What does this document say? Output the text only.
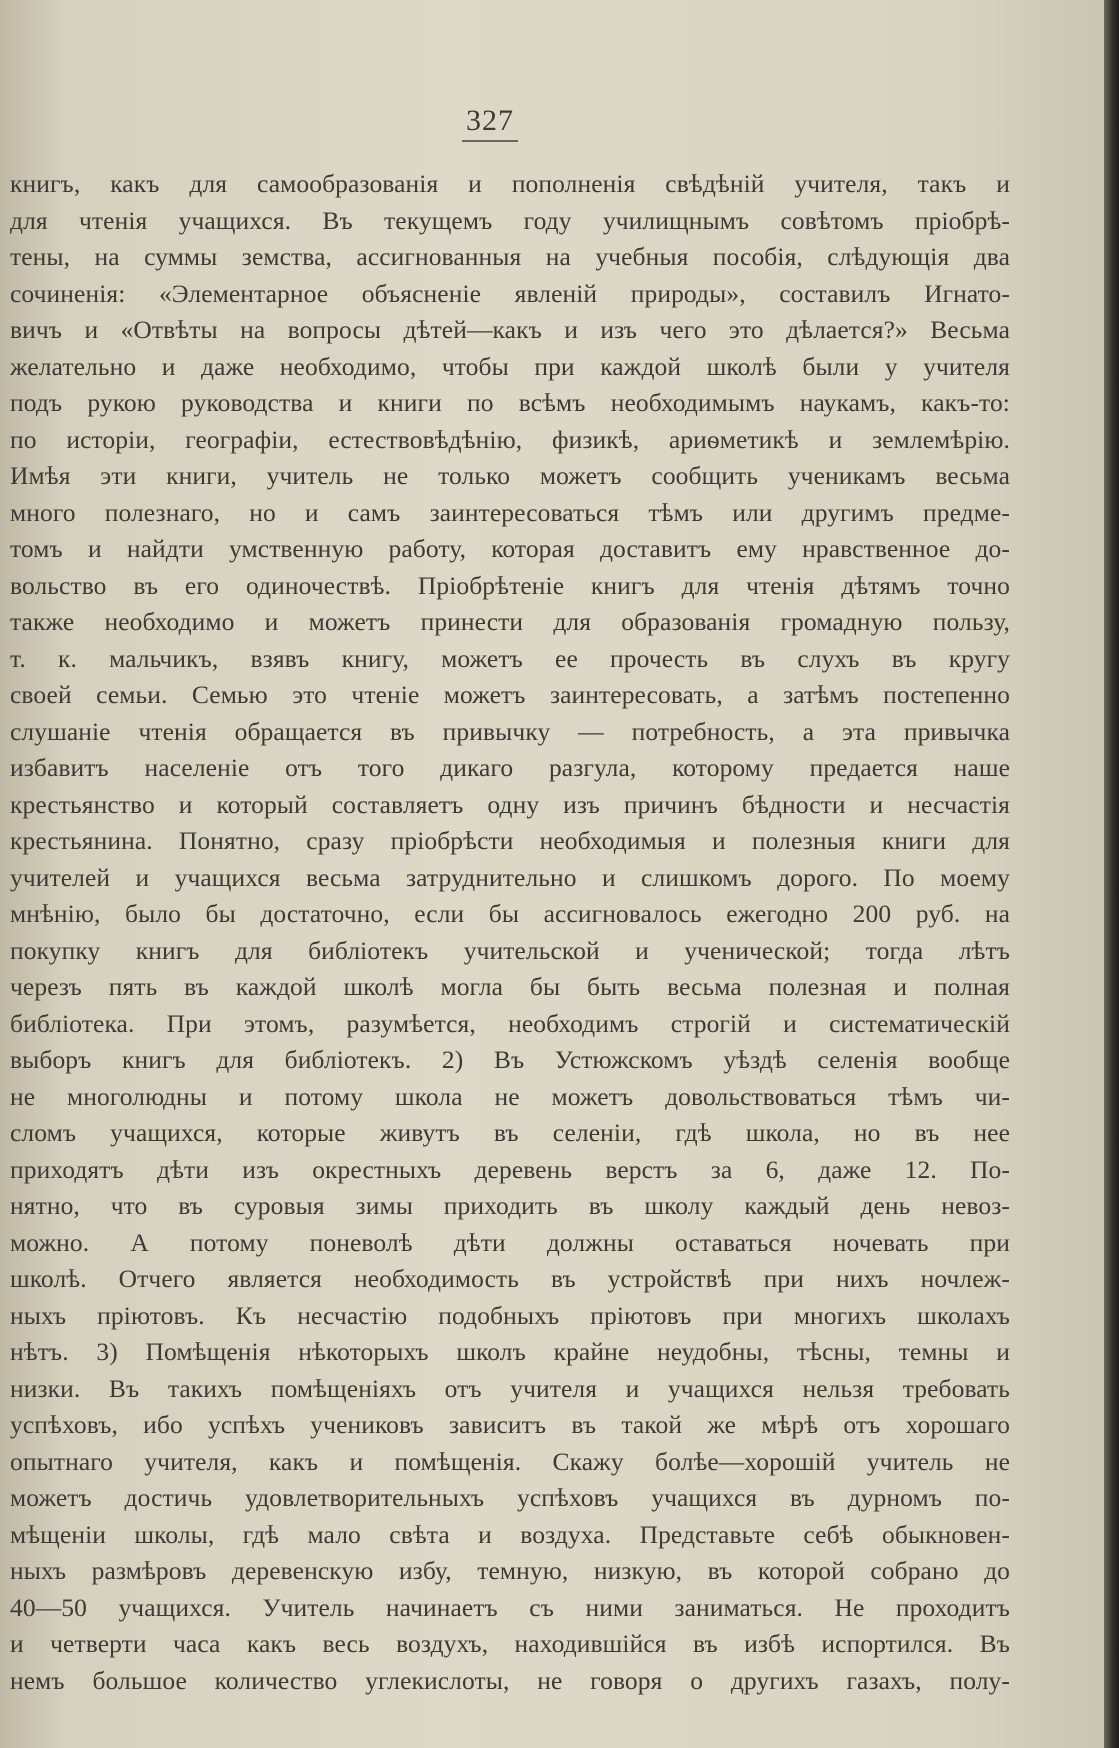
327
книгъ, какъ для самообразованія и пополненія свѣдѣній учителя, такъ и
для чтенія учащихся. Въ текущемъ году училищнымъ совѣтомъ пріобрѣ-
тены, на суммы земства, ассигнованныя на учебныя пособія, слѣдующія два
сочиненія: «Элементарное объясненіе явленій природы», составилъ Игнато-
вичъ и «Отвѣты на вопросы дѣтей—какъ и изъ чего это дѣлается?» Весьма
желательно и даже необходимо, чтобы при каждой школѣ были у учителя
подъ рукою руководства и книги по всѣмъ необходимымъ наукамъ, какъ-то:
по исторіи, географіи, естествовѣдѣнію, физикѣ, ариѳметикѣ и землемѣрію.
Имѣя эти книги, учитель не только можетъ сообщить ученикамъ весьма
много полезнаго, но и самъ заинтересоваться тѣмъ или другимъ предме-
томъ и найдти умственную работу, которая доставитъ ему нравственное до-
вольство въ его одиночествѣ. Пріобрѣтеніе книгъ для чтенія дѣтямъ точно
также необходимо и можетъ принести для образованія громадную пользу,
т. к. мальчикъ, взявъ книгу, можетъ ее прочесть въ слухъ въ кругу
своей семьи. Семью это чтеніе можетъ заинтересовать, а затѣмъ постепенно
слушаніе чтенія обращается въ привычку — потребность, а эта привычка
избавитъ населеніе отъ того дикаго разгула, которому предается наше
крестьянство и который составляетъ одну изъ причинъ бѣдности и несчастія
крестьянина. Понятно, сразу пріобрѣсти необходимыя и полезныя книги для
учителей и учащихся весьма затруднительно и слишкомъ дорого. По моему
мнѣнію, было бы достаточно, если бы ассигновалось ежегодно 200 руб. на
покупку книгъ для библіотекъ учительской и ученической; тогда лѣтъ
черезъ пять въ каждой школѣ могла бы быть весьма полезная и полная
библіотека. При этомъ, разумѣется, необходимъ строгій и систематическій
выборъ книгъ для библіотекъ. 2) Въ Устюжскомъ уѣздѣ селенія вообще
не многолюдны и потому школа не можетъ довольствоваться тѣмъ чи-
сломъ учащихся, которые живутъ въ селеніи, гдѣ школа, но въ нее
приходятъ дѣти изъ окрестныхъ деревень верстъ за 6, даже 12. По-
нятно, что въ суровыя зимы приходить въ школу каждый день невоз-
можно. А потому поневолѣ дѣти должны оставаться ночевать при
школѣ. Отчего является необходимость въ устройствѣ при нихъ ночлеж-
ныхъ пріютовъ. Къ несчастію подобныхъ пріютовъ при многихъ школахъ
нѣтъ. 3) Помѣщенія нѣкоторыхъ школъ крайне неудобны, тѣсны, темны и
низки. Въ такихъ помѣщеніяхъ отъ учителя и учащихся нельзя требовать
успѣховъ, ибо успѣхъ учениковъ зависитъ въ такой же мѣрѣ отъ хорошаго
опытнаго учителя, какъ и помѣщенія. Скажу болѣе—хорошій учитель не
можетъ достичь удовлетворительныхъ успѣховъ учащихся въ дурномъ по-
мѣщеніи школы, гдѣ мало свѣта и воздуха. Представьте себѣ обыкновен-
ныхъ размѣровъ деревенскую избу, темную, низкую, въ которой собрано до
40—50 учащихся. Учитель начинаетъ съ ними заниматься. Не проходитъ
и четверти часа какъ весь воздухъ, находившійся въ избѣ испортился. Въ
немъ большое количество углекислоты, не говоря о другихъ газахъ, полу-
